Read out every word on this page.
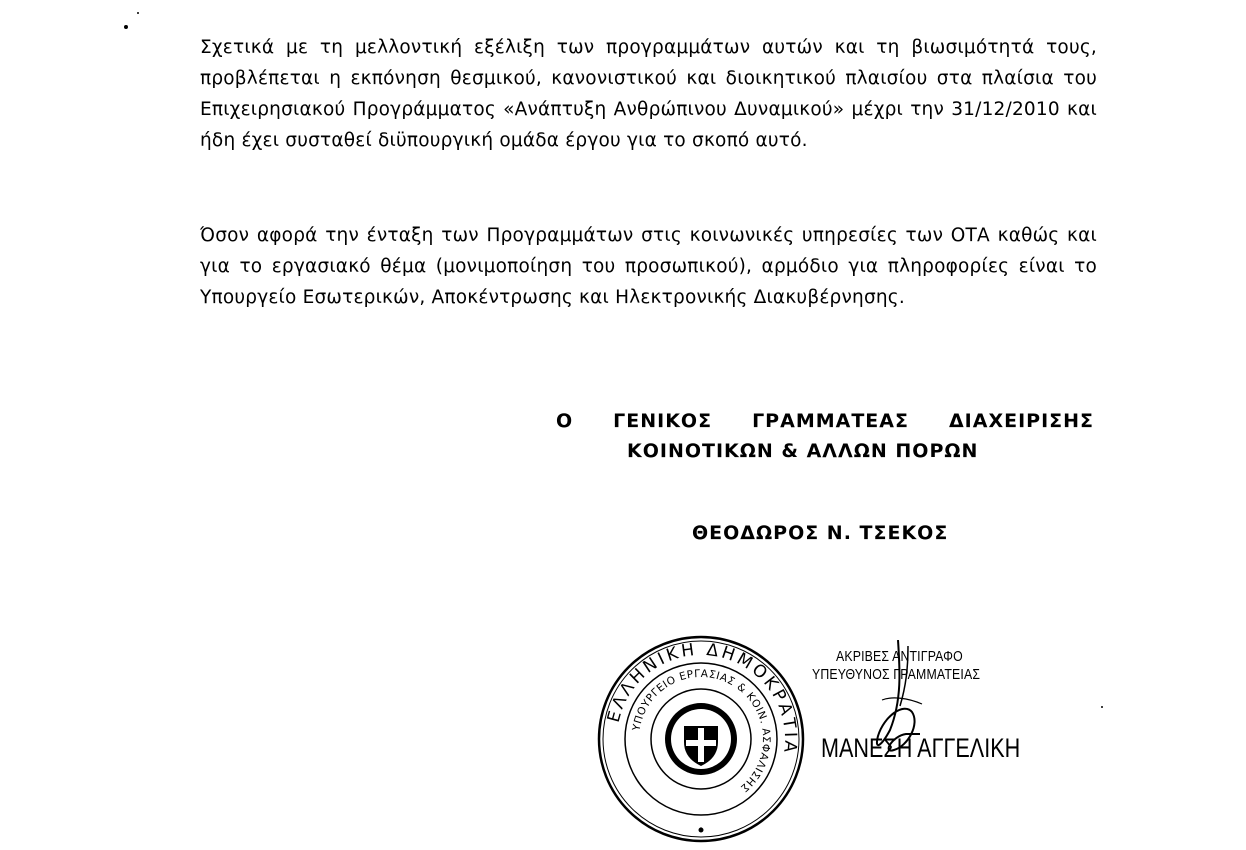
Σχετικά με τη μελλοντική εξέλιξη των προγραμμάτων αυτών και τη βιωσιμότητά τους, προβλέπεται η εκπόνηση θεσμικού, κανονιστικού και διοικητικού πλαισίου στα πλαίσια του Επιχειρησιακού Προγράμματος «Ανάπτυξη Ανθρώπινου Δυναμικού» μέχρι την 31/12/2010 και ήδη έχει συσταθεί διϋπουργική ομάδα έργου για το σκοπό αυτό.

Όσον αφορά την ένταξη των Προγραμμάτων στις κοινωνικές υπηρεσίες των ΟΤΑ καθώς και για το εργασιακό θέμα (μονιμοποίηση του προσωπικού), αρμόδιο για πληροφορίες είναι το Υπουργείο Εσωτερικών, Αποκέντρωσης και Ηλεκτρονικής Διακυβέρνησης.

Ο ΓΕΝΙΚΟΣ ΓΡΑΜΜΑΤΕΑΣ ΔΙΑΧΕΙΡΙΣΗΣ
ΚΟΙΝΟΤΙΚΩΝ & ΑΛΛΩΝ ΠΟΡΩΝ
ΘΕΟΔΩΡΟΣ Ν. ΤΣΕΚΟΣ
ΕΛΛΗΝΙΚΗ ΔΗΜΟΚΡΑΤΙΑ
ΥΠΟΥΡΓΕΙΟ ΕΡΓΑΣΙΑΣ & ΚΟΙΝ. ΑΣΦΑΛΙΣΗΣ
ΑΚΡΙΒΕΣ ΑΝΤΙΓΡΑΦΟ
ΥΠΕΥΘΥΝΟΣ ΓΡΑΜΜΑΤΕΙΑΣ
ΜΑΝΕΣΗ ΑΓΓΕΛΙΚΗ
